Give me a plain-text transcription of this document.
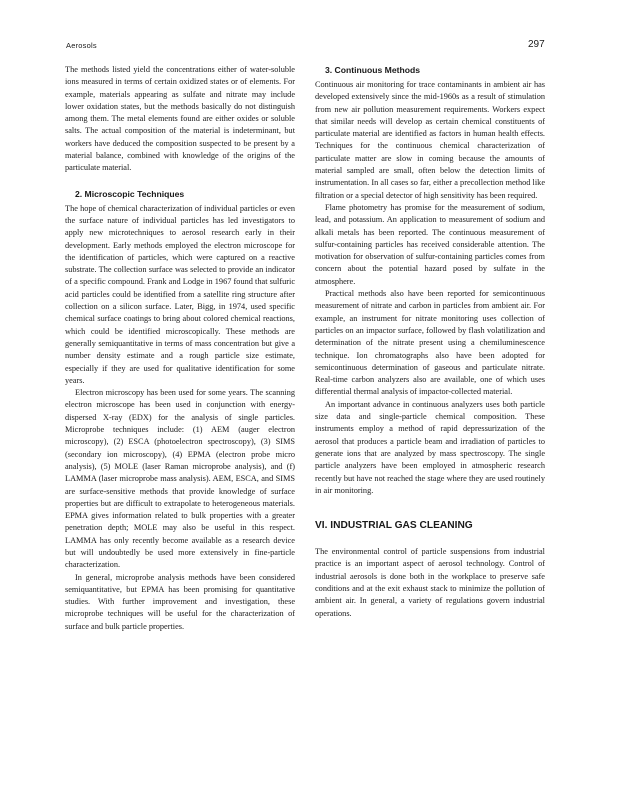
Aerosols	297

The methods listed yield the concentrations either of water-soluble ions measured in terms of certain oxidized states or of elements. For example, materials appearing as sulfate and nitrate may include lower oxidation states, but the methods basically do not distinguish among them. The metal elements found are either oxides or soluble salts. The actual composition of the material is indeterminant, but workers have deduced the composition suspected to be present by a material balance, combined with knowledge of the origins of the particulate material.

2. Microscopic Techniques

The hope of chemical characterization of individual particles or even the surface nature of individual particles has led investigators to apply new microtechniques to aerosol research early in their development. Early methods employed the electron microscope for the identification of particles, which were captured on a reactive substrate. The collection surface was selected to provide an indicator of a specific compound. Frank and Lodge in 1967 found that sulfuric acid particles could be identified from a satellite ring structure after collection on a silicon surface. Later, Bigg, in 1974, used specific chemical surface coatings to bring about colored chemical reactions, which could be identified microscopically. These methods are generally semiquantitative in terms of mass concentration but give a number density estimate and a rough particle size estimate, especially if they are used for qualitative identification for some years.

Electron microscopy has been used for some years. The scanning electron microscope has been used in conjunction with energy-dispersed X-ray (EDX) for the analysis of single particles. Microprobe techniques include: (1) AEM (auger electron microscopy), (2) ESCA (photoelectron spectroscopy), (3) SIMS (secondary ion microscopy), (4) EPMA (electron probe micro analysis), (5) MOLE (laser Raman microprobe analysis), and (f) LAMMA (laser microprobe mass analysis). AEM, ESCA, and SIMS are surface-sensitive methods that provide knowledge of surface properties but are difficult to extrapolate to heterogeneous materials. EPMA gives information related to bulk properties with a greater penetration depth; MOLE may also be useful in this respect. LAMMA has only recently become available as a research device but will undoubtedly be used more extensively in fine-particle characterization.

In general, microprobe analysis methods have been considered semiquantitative, but EPMA has been promising for quantitative studies. With further improvement and investigation, these microprobe techniques will be useful for the characterization of surface and bulk particle properties.

3. Continuous Methods

Continuous air monitoring for trace contaminants in ambient air has developed extensively since the mid-1960s as a result of stimulation from new air pollution measurement requirements. Workers expect that similar needs will develop as certain chemical constituents of particulate material are identified as factors in human health effects. Techniques for the continuous chemical characterization of particulate matter are slow in coming because the amounts of material sampled are small, often below the detection limits of instrumentation. In all cases so far, either a precollection method like filtration or a special detector of high sensitivity has been required.

Flame photometry has promise for the measurement of sodium, lead, and potassium. An application to measurement of sodium and alkali metals has been reported. The continuous measurement of sulfur-containing particles has received considerable attention. The motivation for observation of sulfur-containing particles comes from concern about the potential hazard posed by sulfate in the atmosphere.

Practical methods also have been reported for semicontinuous measurement of nitrate and carbon in particles from ambient air. For example, an instrument for nitrate monitoring uses collection of particles on an impactor surface, followed by flash volatilization and determination of the nitrate present using a chemiluminescence technique. Ion chromatographs also have been adopted for semicontinuous determination of gaseous and particulate nitrate. Real-time carbon analyzers also are available, one of which uses differential thermal analysis of impactor-collected material.

An important advance in continuous analyzers uses both particle size data and single-particle chemical composition. These instruments employ a method of rapid depressurization of the aerosol that produces a particle beam and irradiation of particles to generate ions that are analyzed by mass spectroscopy. The single particle analyzers have been employed in atmospheric research recently but have not reached the stage where they are used routinely in air monitoring.

VI. INDUSTRIAL GAS CLEANING

The environmental control of particle suspensions from industrial practice is an important aspect of aerosol technology. Control of industrial aerosols is done both in the workplace to preserve safe conditions and at the exit exhaust stack to minimize the pollution of ambient air. In general, a variety of regulations govern industrial operations.
